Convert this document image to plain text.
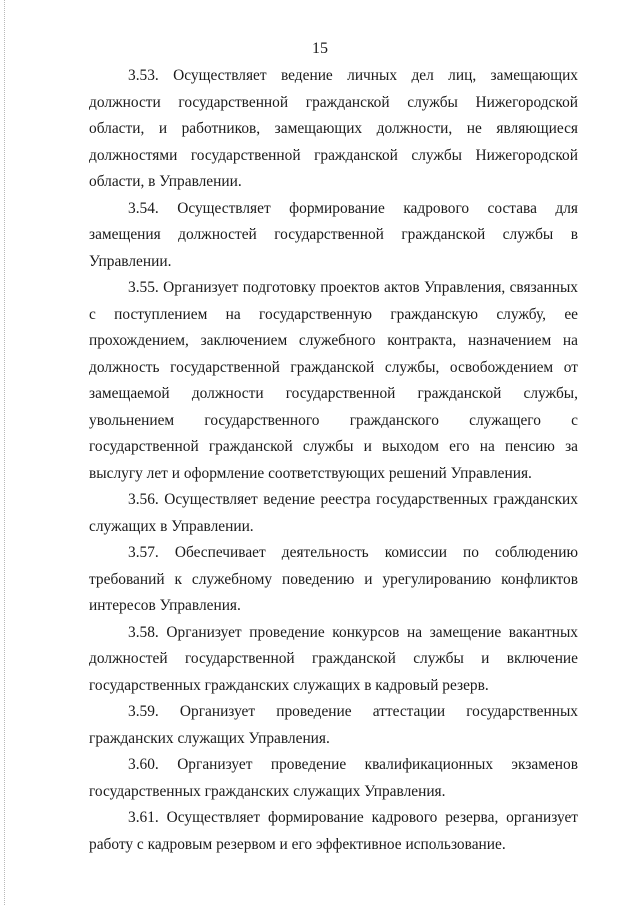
15

3.53. Осуществляет ведение личных дел лиц, замещающих должности государственной гражданской службы Нижегородской области, и работников, замещающих должности, не являющиеся должностями государственной гражданской службы Нижегородской области, в Управлении.

3.54. Осуществляет формирование кадрового состава для замещения должностей государственной гражданской службы в Управлении.

3.55. Организует подготовку проектов актов Управления, связанных с поступлением на государственную гражданскую службу, ее прохождением, заключением служебного контракта, назначением на должность государственной гражданской службы, освобождением от замещаемой должности государственной гражданской службы, увольнением государственного гражданского служащего с государственной гражданской службы и выходом его на пенсию за выслугу лет и оформление соответствующих решений Управления.

3.56. Осуществляет ведение реестра государственных гражданских служащих в Управлении.

3.57. Обеспечивает деятельность комиссии по соблюдению требований к служебному поведению и урегулированию конфликтов интересов Управления.

3.58. Организует проведение конкурсов на замещение вакантных должностей государственной гражданской службы и включение государственных гражданских служащих в кадровый резерв.

3.59. Организует проведение аттестации государственных гражданских служащих Управления.

3.60. Организует проведение квалификационных экзаменов государственных гражданских служащих Управления.

3.61. Осуществляет формирование кадрового резерва, организует работу с кадровым резервом и его эффективное использование.
